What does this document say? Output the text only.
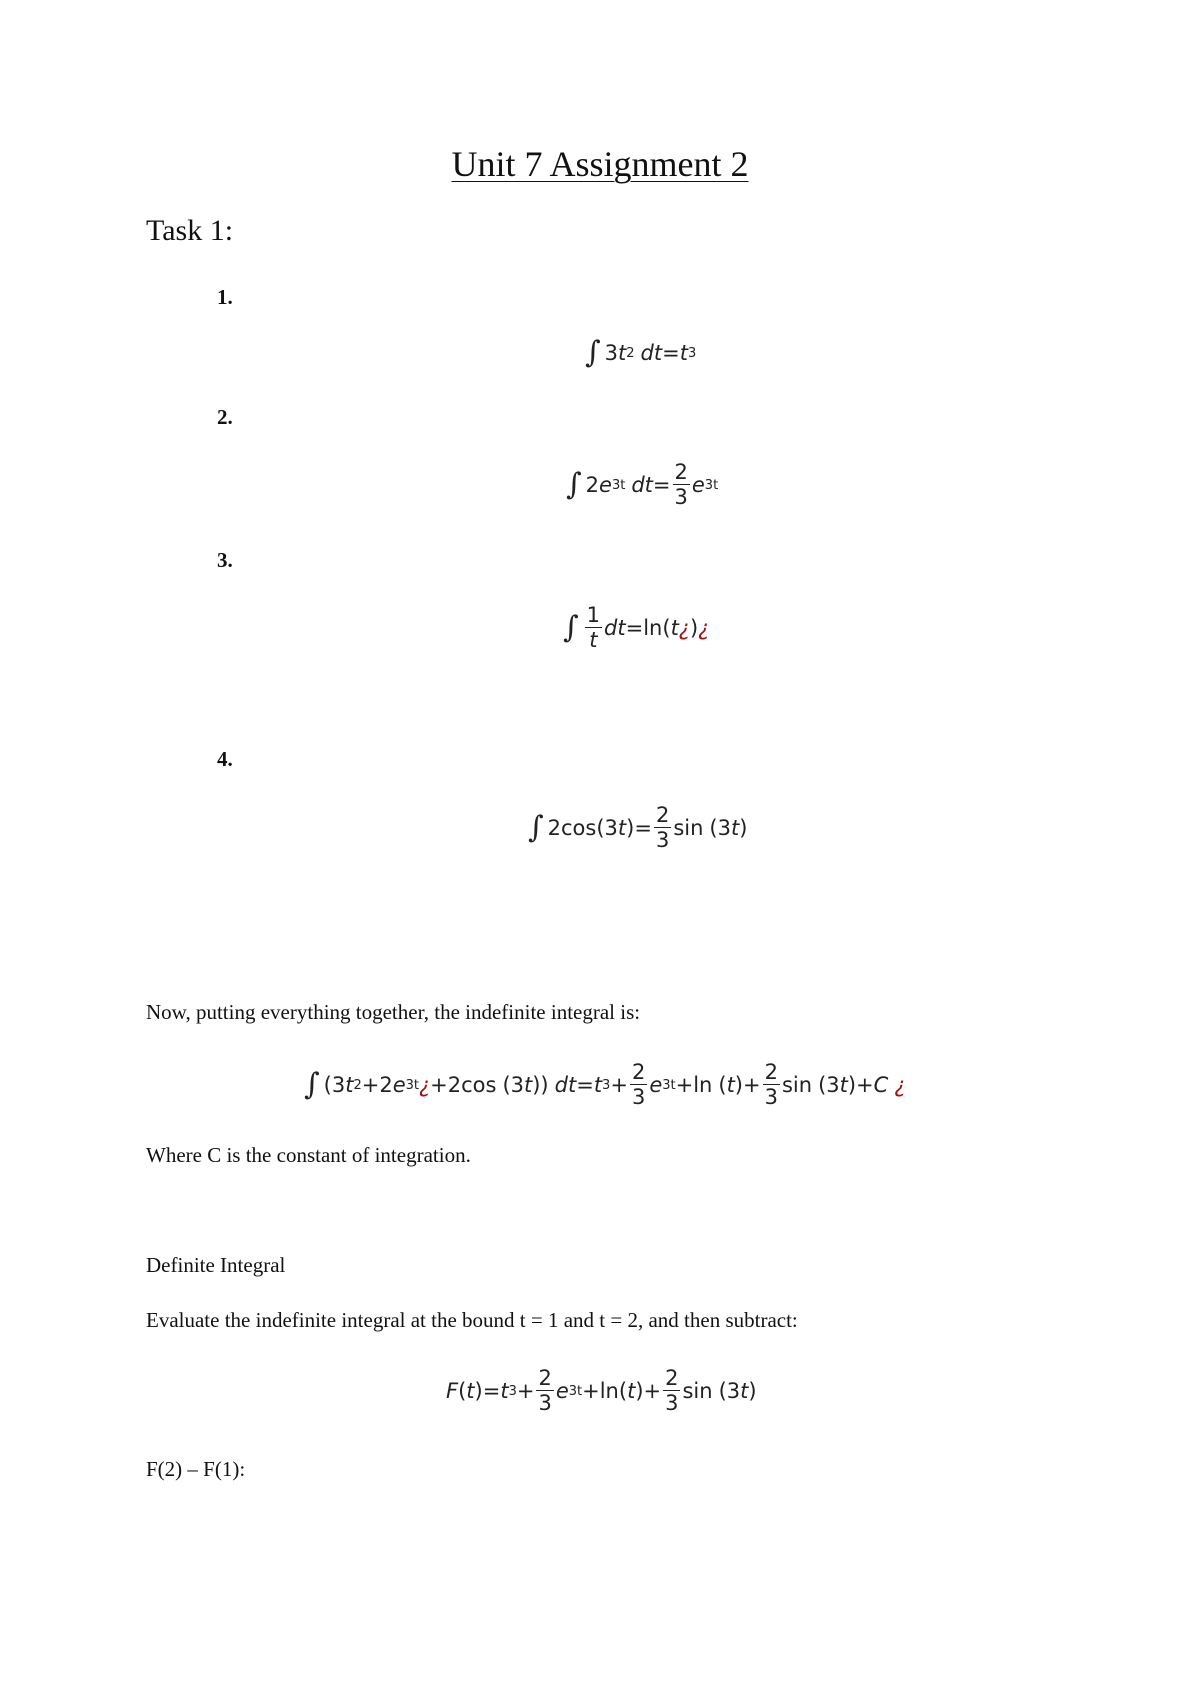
Unit 7 Assignment 2
Task 1:
1.
∫ 3 t 2 dt = t 3
2.
∫ 2 e 3t dt = $\frac{2}{3}$ e 3t
3.
∫ $\frac{1}{t}$ dt = ln ( t ¿ ) ¿
4.
∫ 2 cos (3 t )= $\frac{2}{3}$ sin (3 t )
Now, putting everything together, the indefinite integral is:
∫ (3 t 2 +2 e 3t ¿ +2cos (3 t )) dt = t $3 + \frac{2}{3}$ e 3t +ln ( t )+ $\frac{2}{3}$ sin (3 t )+ C ¿
Where C is the constant of integration.
Definite Integral
Evaluate the indefinite integral at the bound t = 1 and t = 2, and then subtract:
F ( t )= t $3 + \frac{2}{3}$ e 3t +ln ( t )+ $\frac{2}{3}$ sin (3 t )
F(2) – F(1):
